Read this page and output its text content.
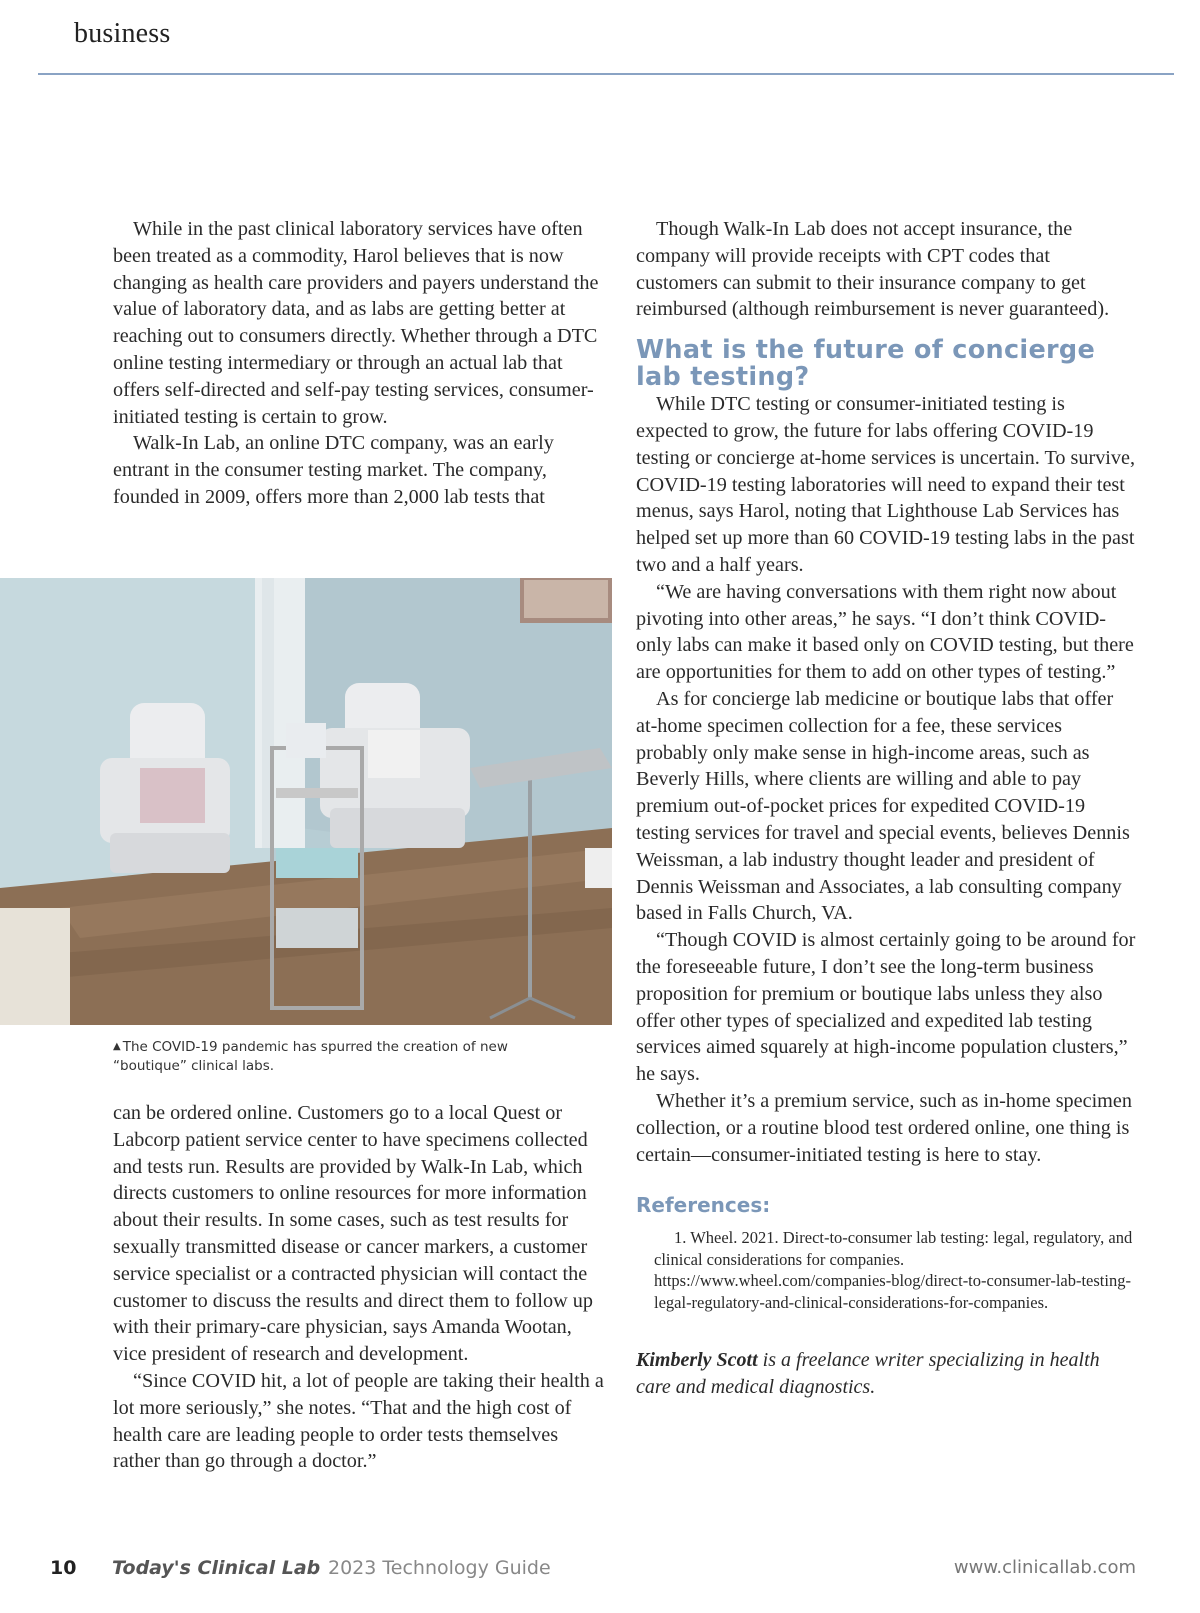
business

While in the past clinical laboratory services have often been treated as a commodity, Harol believes that is now changing as health care providers and payers understand the value of laboratory data, and as labs are getting better at reaching out to consumers directly. Whether through a DTC online testing intermediary or through an actual lab that offers self-directed and self-pay testing services, consumer-initiated testing is certain to grow.

Walk-In Lab, an online DTC company, was an early entrant in the consumer testing market. The company, founded in 2009, offers more than 2,000 lab tests that

▲ The COVID-19 pandemic has spurred the creation of new “boutique” clinical labs.

can be ordered online. Customers go to a local Quest or Labcorp patient service center to have specimens collected and tests run. Results are provided by Walk-In Lab, which directs customers to online resources for more information about their results. In some cases, such as test results for sexually transmitted disease or cancer markers, a customer service specialist or a contracted physician will contact the customer to discuss the results and direct them to follow up with their primary-care physician, says Amanda Wootan, vice president of research and development.

“Since COVID hit, a lot of people are taking their health a lot more seriously,” she notes. “That and the high cost of health care are leading people to order tests themselves rather than go through a doctor.”

Though Walk-In Lab does not accept insurance, the company will provide receipts with CPT codes that customers can submit to their insurance company to get reimbursed (although reimbursement is never guaranteed).

What is the future of concierge lab testing?

While DTC testing or consumer-initiated testing is expected to grow, the future for labs offering COVID-19 testing or concierge at-home services is uncertain. To survive, COVID-19 testing laboratories will need to expand their test menus, says Harol, noting that Lighthouse Lab Services has helped set up more than 60 COVID-19 testing labs in the past two and a half years.

“We are having conversations with them right now about pivoting into other areas,” he says. “I don’t think COVID-only labs can make it based only on COVID testing, but there are opportunities for them to add on other types of testing.”

As for concierge lab medicine or boutique labs that offer at-home specimen collection for a fee, these services probably only make sense in high-income areas, such as Beverly Hills, where clients are willing and able to pay premium out-of-pocket prices for expedited COVID-19 testing services for travel and special events, believes Dennis Weissman, a lab industry thought leader and president of Dennis Weissman and Associates, a lab consulting company based in Falls Church, VA.

“Though COVID is almost certainly going to be around for the foreseeable future, I don’t see the long-term business proposition for premium or boutique labs unless they also offer other types of specialized and expedited lab testing services aimed squarely at high-income population clusters,” he says.

Whether it’s a premium service, such as in-home specimen collection, or a routine blood test ordered online, one thing is certain—consumer-initiated testing is here to stay.

References:

1. Wheel. 2021. Direct-to-consumer lab testing: legal, regulatory, and clinical considerations for companies. https://www.wheel.com/companies-blog/direct-to-consumer-lab-testing-legal-regulatory-and-clinical-considerations-for-companies.

Kimberly Scott is a freelance writer specializing in health care and medical diagnostics.
10 Today's Clinical Lab 2023 Technology Guide	www.clinicallab.com
